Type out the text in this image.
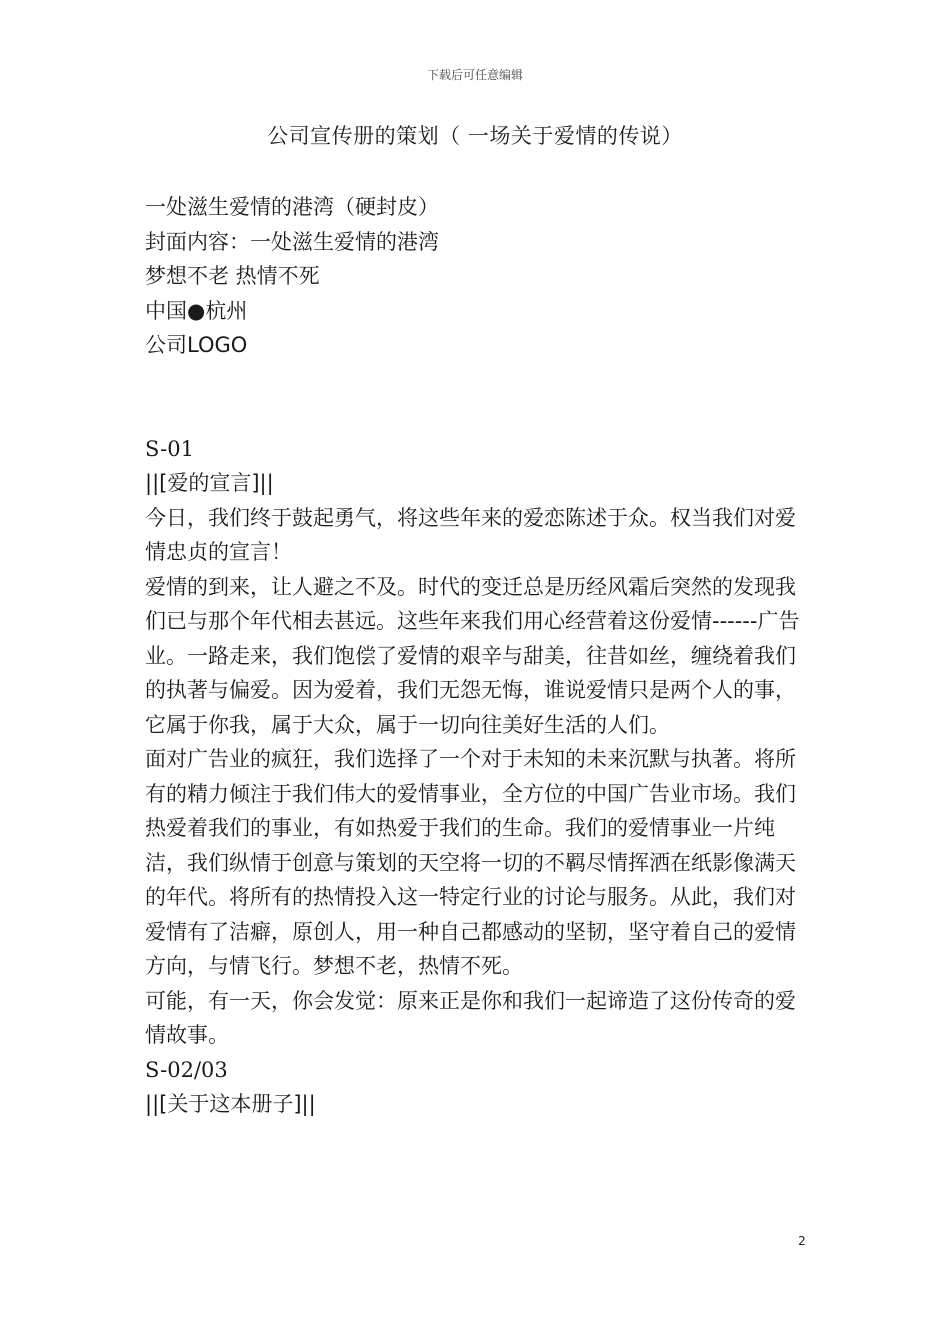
下载后可任意编辑
公司宣传册的策划（ 一场关于爱情的传说）

一处滋生爱情的港湾（硬封皮）

封面内容：一处滋生爱情的港湾

梦想不老 热情不死

中国●杭州

公司LOGO

S-01

||[爱的宣言]||

今日，我们终于鼓起勇气，将这些年来的爱恋陈述于众。权当我们对爱情忠贞的宣言！

爱情的到来，让人避之不及。时代的变迁总是历经风霜后突然的发现我们已与那个年代相去甚远。这些年来我们用心经营着这份爱情------广告业。一路走来，我们饱偿了爱情的艰辛与甜美，往昔如丝，缠绕着我们的执著与偏爱。因为爱着，我们无怨无悔，谁说爱情只是两个人的事，它属于你我，属于大众，属于一切向往美好生活的人们。

面对广告业的疯狂，我们选择了一个对于未知的未来沉默与执著。将所有的精力倾注于我们伟大的爱情事业，全方位的中国广告业市场。我们热爱着我们的事业，有如热爱于我们的生命。我们的爱情事业一片纯洁，我们纵情于创意与策划的天空将一切的不羁尽情挥洒在纸影像满天的年代。将所有的热情投入这一特定行业的讨论与服务。从此，我们对爱情有了洁癖，原创人，用一种自己都感动的坚韧，坚守着自己的爱情方向，与情飞行。梦想不老，热情不死。

可能，有一天，你会发觉：原来正是你和我们一起谛造了这份传奇的爱情故事。

S-02/03

||[关于这本册子]||

2
